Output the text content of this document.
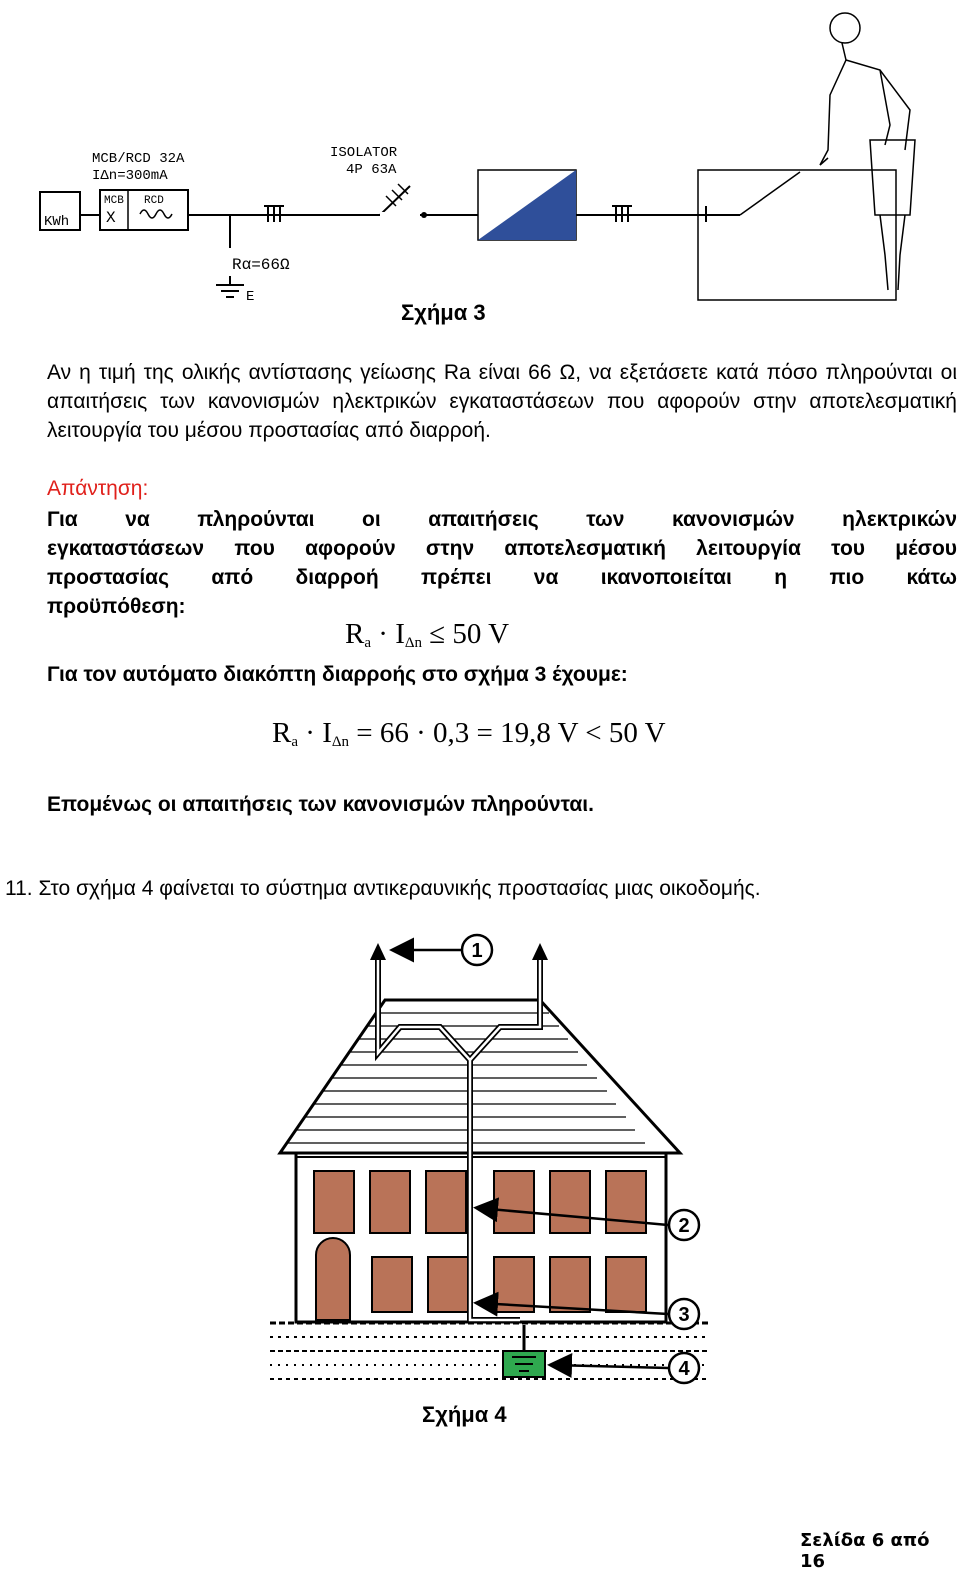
KWh
MCB RCD
X
MCB/RCD 32A
IΔn=300mA
Rα=66Ω
E
ISOLATOR
4P 63A
Σχήμα 3
Αν η τιμή της ολικής αντίστασης γείωσης Ra είναι 66 Ω, να εξετάσετε κατά πόσο πληρούνται οι απαιτήσεις των κανονισμών ηλεκτρικών εγκαταστάσεων που αφορούν στην αποτελεσματική λειτουργία του μέσου προστασίας από διαρροή.
Απάντηση:
Για να πληρούνται οι απαιτήσεις των κανονισμών ηλεκτρικών
εγκαταστάσεων που αφορούν στην αποτελεσματική λειτουργία του μέσου
προστασίας από διαρροή πρέπει να ικανοποιείται η πιο κάτω
προϋπόθεση:
$R_a \cdot I_{\Delta n} \le 50$ V
Για τον αυτόματο διακόπτη διαρροής στο σχήμα 3 έχουμε:
$R_a \cdot I_{\Delta n} = 66 \cdot 0,3 = 19,8$ V < 50 V
Επομένως οι απαιτήσεις των κανονισμών πληρούνται.
11. Στο σχήμα 4 φαίνεται το σύστημα αντικεραυνικής προστασίας μιας οικοδομής.
1
2
3
4
Σχήμα 4
Σελίδα 6 από 16
